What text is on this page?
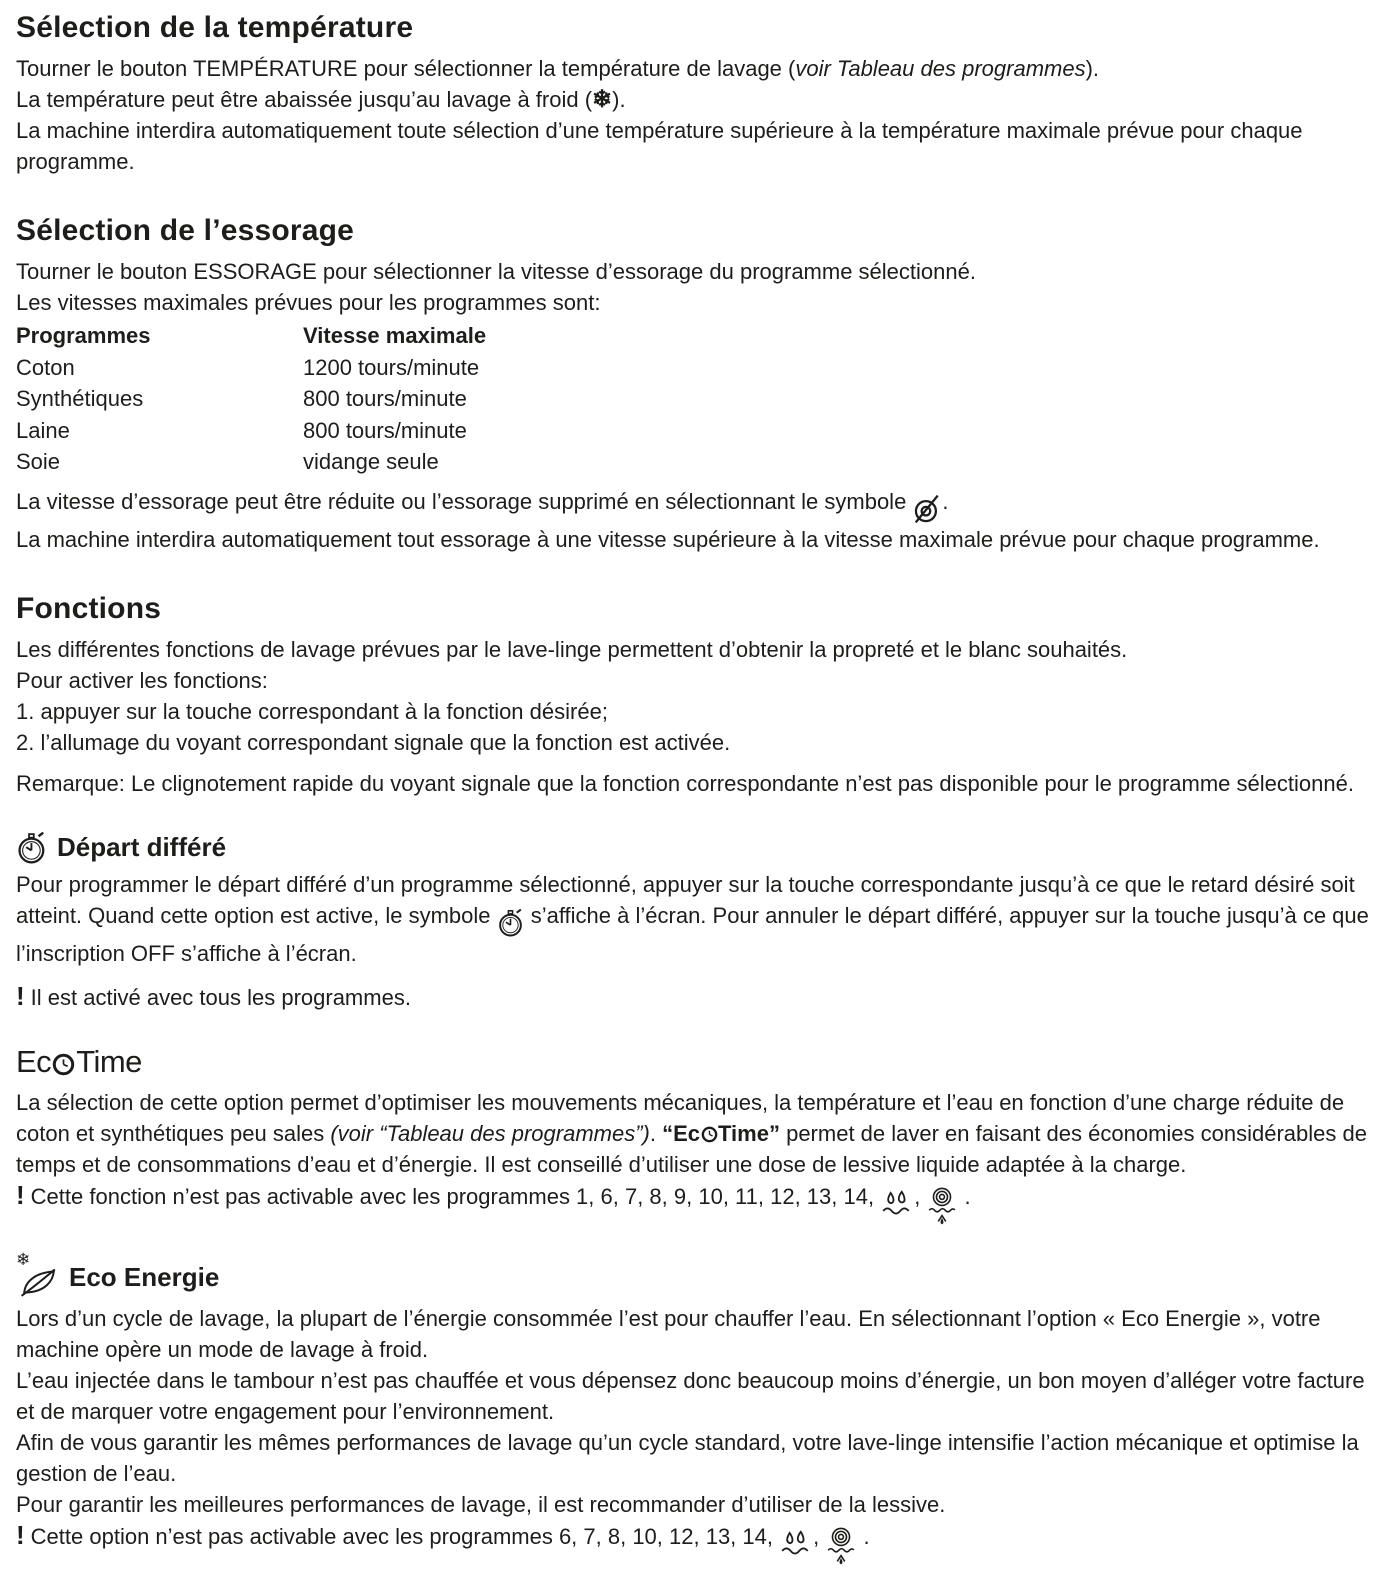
Sélection de la température
Tourner le bouton TEMPÉRATURE pour sélectionner la température de lavage (voir Tableau des programmes).
La température peut être abaissée jusqu’au lavage à froid (❄).
La machine interdira automatiquement toute sélection d’une température supérieure à la température maximale prévue pour chaque programme.
Sélection de l’essorage
Tourner le bouton ESSORAGE pour sélectionner la vitesse d’essorage du programme sélectionné.
Les vitesses maximales prévues pour les programmes sont:
Programmes	Vitesse maximale
Coton	1200 tours/minute
Synthétiques	800 tours/minute
Laine	800 tours/minute
Soie	vidange seule
La vitesse d’essorage peut être réduite ou l’essorage supprimé en sélectionnant le symbole .
La machine interdira automatiquement tout essorage à une vitesse supérieure à la vitesse maximale prévue pour chaque programme.
Fonctions
Les différentes fonctions de lavage prévues par le lave-linge permettent d’obtenir la propreté et le blanc souhaités.
Pour activer les fonctions:
1. appuyer sur la touche correspondant à la fonction désirée;
2. l’allumage du voyant correspondant signale que la fonction est activée.
Remarque: Le clignotement rapide du voyant signale que la fonction correspondante n’est pas disponible pour le programme sélectionné.
Départ différé
Pour programmer le départ différé d’un programme sélectionné, appuyer sur la touche correspondante jusqu’à ce que le retard désiré soit atteint. Quand cette option est active, le symbole  s’affiche à l’écran. Pour annuler le départ différé, appuyer sur la touche jusqu’à ce que l’inscription OFF s’affiche à l’écran.
! Il est activé avec tous les programmes.
Ec Time
La sélection de cette option permet d’optimiser les mouvements mécaniques, la température et l’eau en fonction d’une charge réduite de coton et synthétiques peu sales (voir “Tableau des programmes”). “Ec Time” permet de laver en faisant des économies considérables de temps et de consommations d’eau et d’énergie. Il est conseillé d’utiliser une dose de lessive liquide adaptée à la charge.
! Cette fonction n’est pas activable avec les programmes 1, 6, 7, 8, 9, 10, 11, 12, 13, 14, ,  .
❄
Eco Energie
Lors d’un cycle de lavage, la plupart de l’énergie consommée l’est pour chauffer l’eau. En sélectionnant l’option « Eco Energie », votre machine opère un mode de lavage à froid.
L’eau injectée dans le tambour n’est pas chauffée et vous dépensez donc beaucoup moins d’énergie, un bon moyen d’alléger votre facture et de marquer votre engagement pour l’environnement.
Afin de vous garantir les mêmes performances de lavage qu’un cycle standard, votre lave-linge intensifie l’action mécanique et optimise la gestion de l’eau.
Pour garantir les meilleures performances de lavage, il est recommander d’utiliser de la lessive.
! Cette option n’est pas activable avec les programmes 6, 7, 8, 10, 12, 13, 14, ,  .
